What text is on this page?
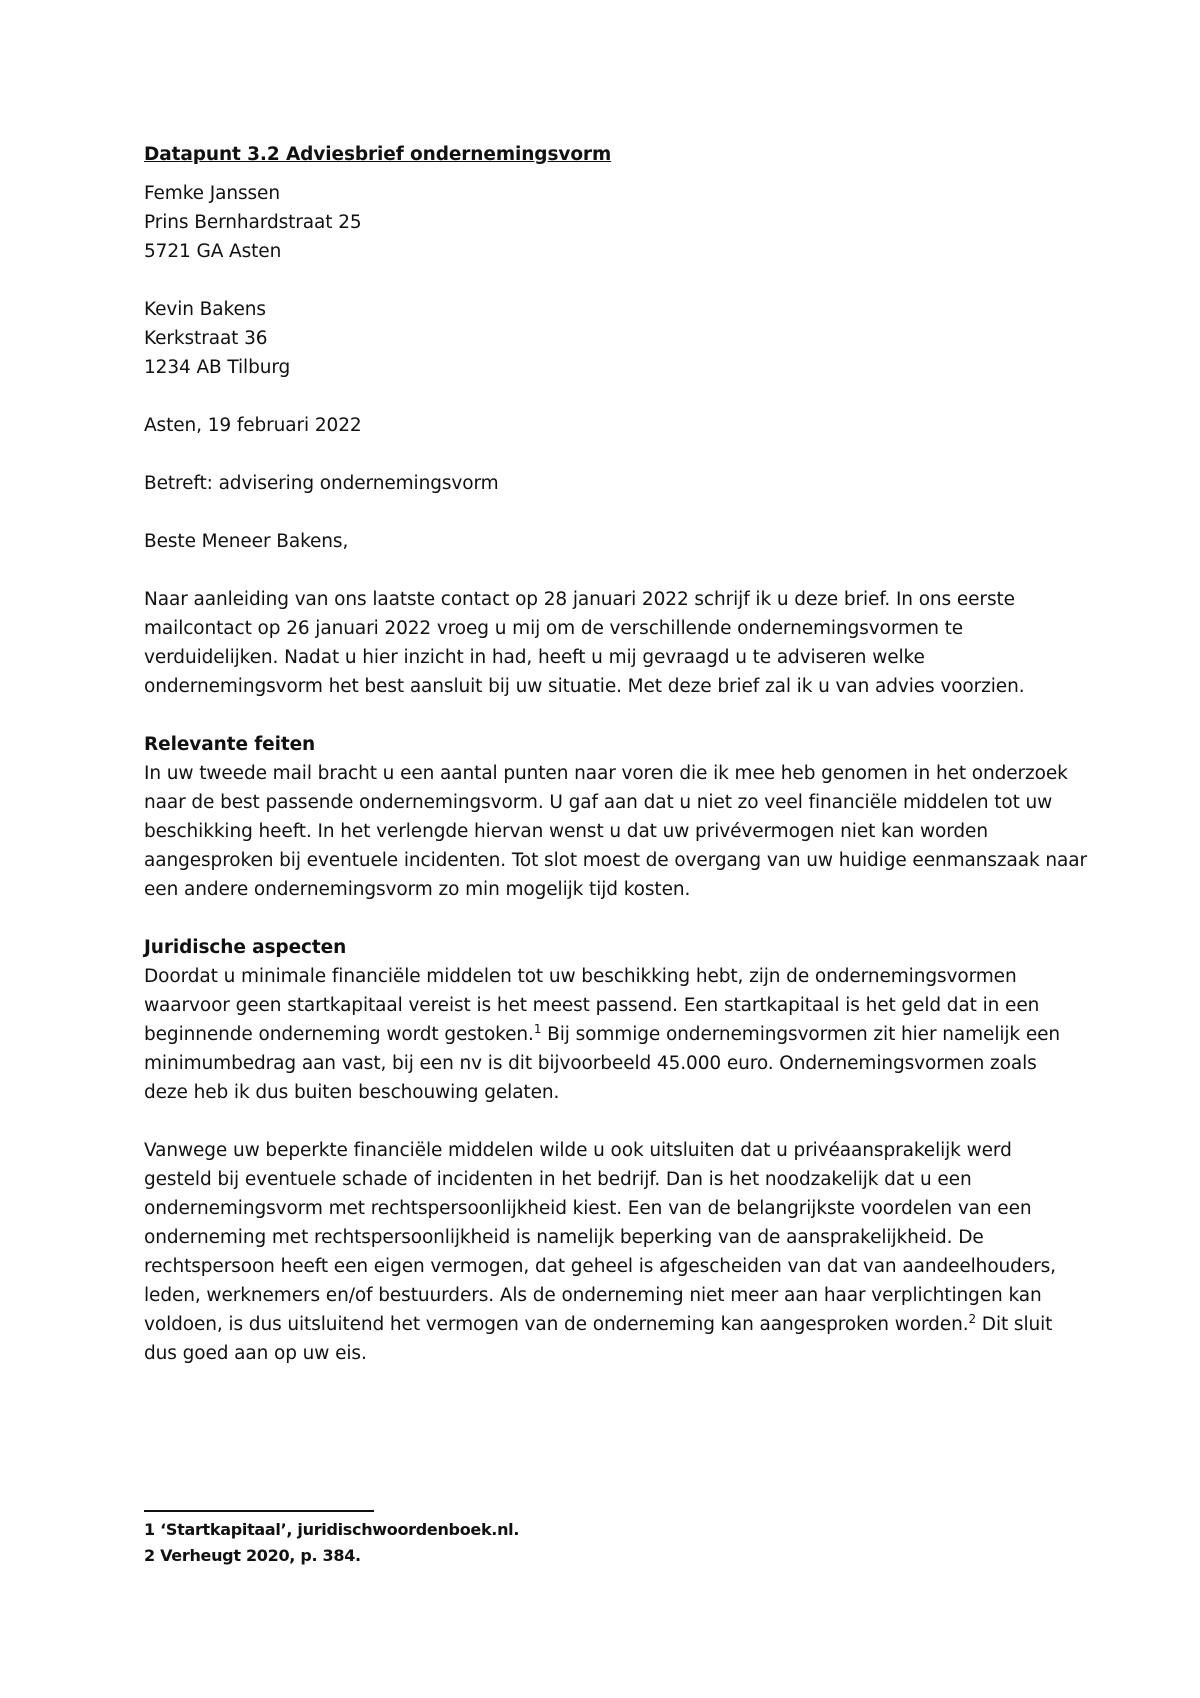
Datapunt 3.2 Adviesbrief ondernemingsvorm
Femke Janssen
Prins Bernhardstraat 25
5721 GA Asten
Kevin Bakens
Kerkstraat 36
1234 AB Tilburg
Asten, 19 februari 2022
Betreft: advisering ondernemingsvorm
Beste Meneer Bakens,
Naar aanleiding van ons laatste contact op 28 januari 2022 schrijf ik u deze brief. In ons eerste
mailcontact op 26 januari 2022 vroeg u mij om de verschillende ondernemingsvormen te
verduidelijken. Nadat u hier inzicht in had, heeft u mij gevraagd u te adviseren welke
ondernemingsvorm het best aansluit bij uw situatie. Met deze brief zal ik u van advies voorzien.
Relevante feiten
In uw tweede mail bracht u een aantal punten naar voren die ik mee heb genomen in het onderzoek
naar de best passende ondernemingsvorm. U gaf aan dat u niet zo veel financiële middelen tot uw
beschikking heeft. In het verlengde hiervan wenst u dat uw privévermogen niet kan worden
aangesproken bij eventuele incidenten. Tot slot moest de overgang van uw huidige eenmanszaak naar
een andere ondernemingsvorm zo min mogelijk tijd kosten.
Juridische aspecten
Doordat u minimale financiële middelen tot uw beschikking hebt, zijn de ondernemingsvormen
waarvoor geen startkapitaal vereist is het meest passend. Een startkapitaal is het geld dat in een
beginnende onderneming wordt gestoken.$^1$ Bij sommige ondernemingsvormen zit hier namelijk een
minimumbedrag aan vast, bij een nv is dit bijvoorbeeld 45.000 euro. Ondernemingsvormen zoals
deze heb ik dus buiten beschouwing gelaten.
Vanwege uw beperkte financiële middelen wilde u ook uitsluiten dat u privéaansprakelijk werd
gesteld bij eventuele schade of incidenten in het bedrijf. Dan is het noodzakelijk dat u een
ondernemingsvorm met rechtspersoonlijkheid kiest. Een van de belangrijkste voordelen van een
onderneming met rechtspersoonlijkheid is namelijk beperking van de aansprakelijkheid. De
rechtspersoon heeft een eigen vermogen, dat geheel is afgescheiden van dat van aandeelhouders,
leden, werknemers en/of bestuurders. Als de onderneming niet meer aan haar verplichtingen kan
voldoen, is dus uitsluitend het vermogen van de onderneming kan aangesproken worden.$^2$ Dit sluit
dus goed aan op uw eis.
1 ‘Startkapitaal’, juridischwoordenboek.nl.
2 Verheugt 2020, p. 384.
